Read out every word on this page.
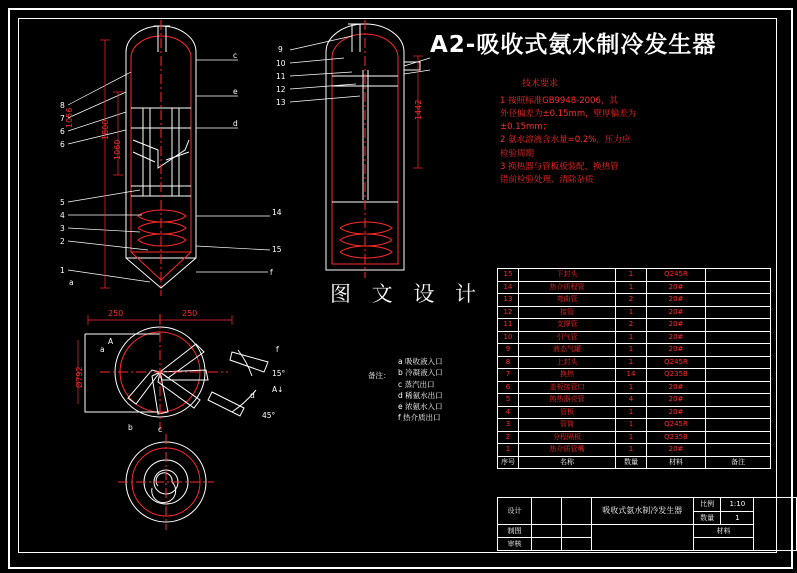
A2-吸收式氨水制冷发生器
技术要求
1 按照标准GB9948-2006，其
外径偏差为±0.15mm，壁厚偏差为
±0.15mm；
2 氨水溶液含水量=0.2%，压力应
检验周期
3 换热器与管板板装配，换热管
错前检验处理、清除杂质
图 文 设 计
备注：
a 吸收液入口
b 冷凝液入口
c 蒸汽出口
d 稀氨水出口
e 浓氨水入口
f 热介质出口
8
7
6
6
5
4
3
2
1
a
c
e
d
14
15
f
1800
1060
1056
9
10
11
12
13	1442
250	250
Ø792
a
A
f
15°
A↓
45°
d
b	c
15	下封头	1	Q245R	
14	热介质程管	1	20#	
13	弯曲管	2	20#	
12	接管	1	20#	
11	支撑管	2	20#	
10	引气管	1	20#	
9	液态气罐	1	20#	
8	上封头	1	Q245R	
7	换热	14	Q235B	
6	盖板接管口	1	20#	
5	换热器壳管	4	20#	
4	管板	1	20#	
3	管筒	1	Q245R	
2	分程隔板	1	Q235B	
1	热介质管嘴	1	20#	
序号	名称	数量	材料	备注
设计			吸收式氨水制冷发生器	比例	1:10	
				数量	1	
制图				材料		
审核						
